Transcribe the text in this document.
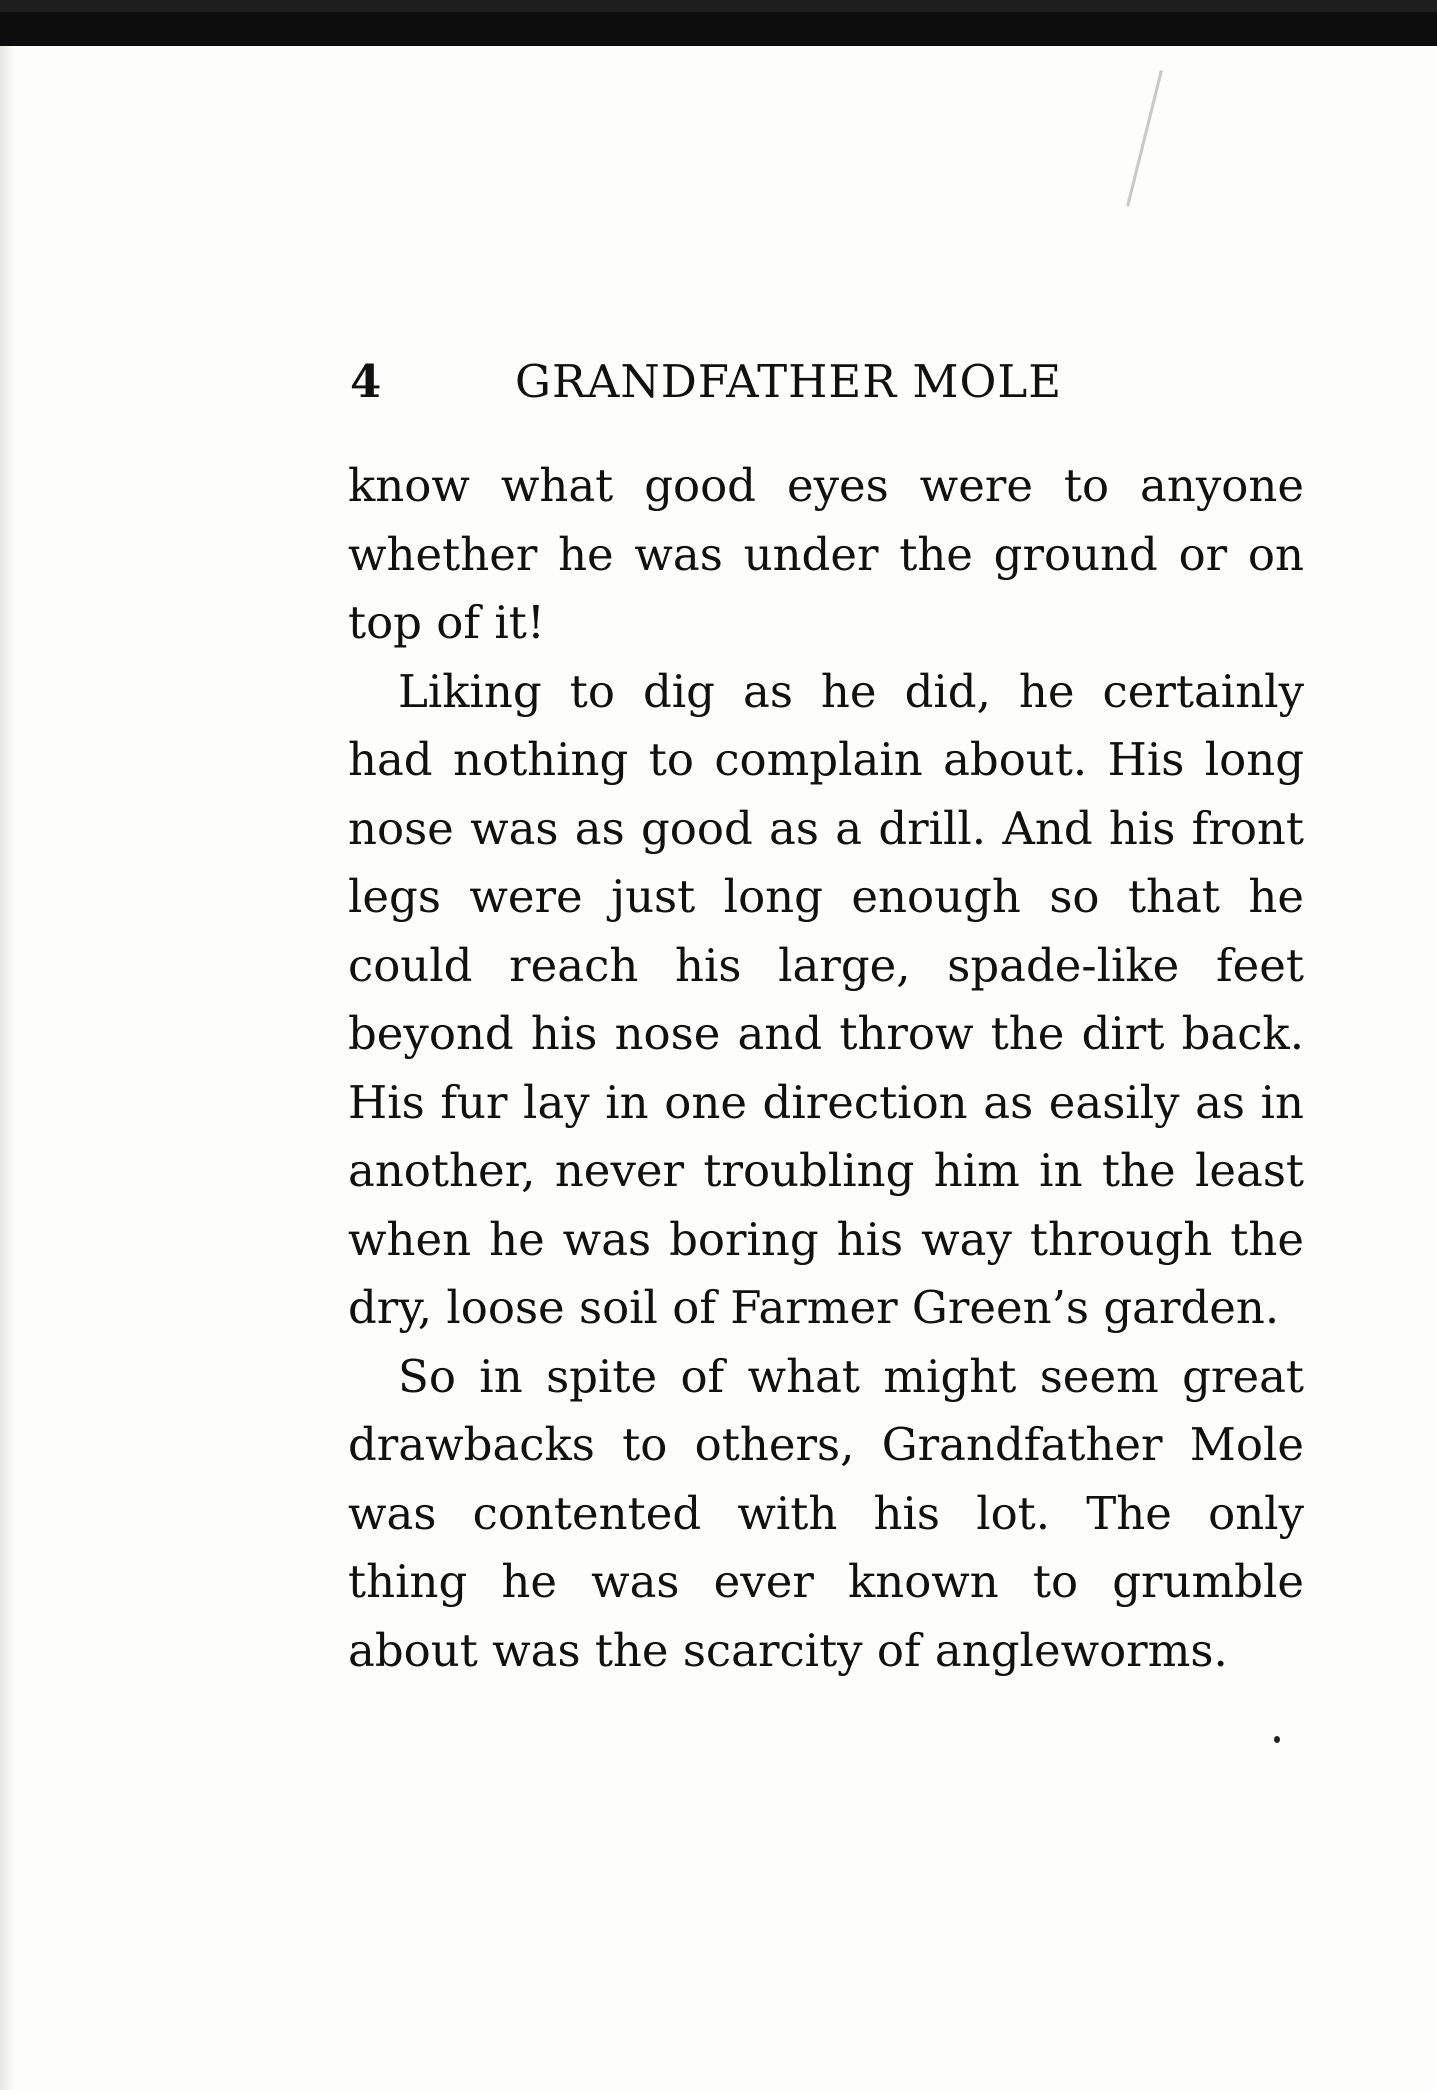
4	GRANDFATHER MOLE

know what good eyes were to anyone whether he was under the ground or on top of it!

Liking to dig as he did, he certainly had nothing to complain about. His long nose was as good as a drill. And his front legs were just long enough so that he could reach his large, spade-like feet beyond his nose and throw the dirt back. His fur lay in one direction as easily as in another, never troubling him in the least when he was boring his way through the dry, loose soil of Farmer Green’s garden.

So in spite of what might seem great drawbacks to others, Grandfather Mole was contented with his lot. The only thing he was ever known to grumble about was the scarcity of angleworms.
